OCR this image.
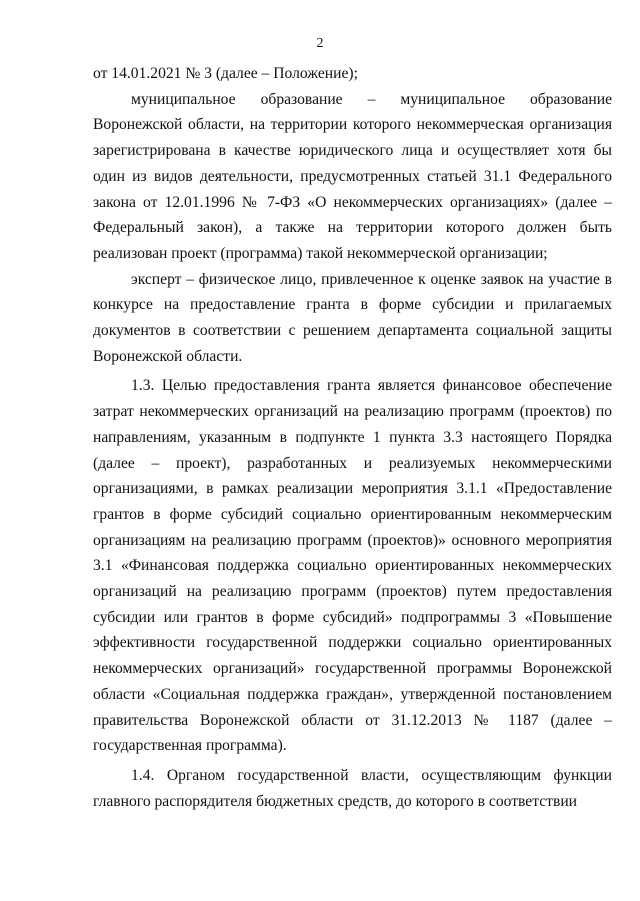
2

от 14.01.2021 № 3 (далее – Положение);

муниципальное образование – муниципальное образование Воронежской области, на территории которого некоммерческая организация зарегистрирована в качестве юридического лица и осуществляет хотя бы один из видов деятельности, предусмотренных статьей 31.1 Федерального закона от 12.01.1996 № 7-ФЗ «О некоммерческих организациях» (далее – Федеральный закон), а также на территории которого должен быть реализован проект (программа) такой некоммерческой организации;

эксперт – физическое лицо, привлеченное к оценке заявок на участие в конкурсе на предоставление гранта в форме субсидии и прилагаемых документов в соответствии с решением департамента социальной защиты Воронежской области.

1.3. Целью предоставления гранта является финансовое обеспечение затрат некоммерческих организаций на реализацию программ (проектов) по направлениям, указанным в подпункте 1 пункта 3.3 настоящего Порядка (далее – проект), разработанных и реализуемых некоммерческими организациями, в рамках реализации мероприятия 3.1.1 «Предоставление грантов в форме субсидий социально ориентированным некоммерческим организациям на реализацию программ (проектов)» основного мероприятия 3.1 «Финансовая поддержка социально ориентированных некоммерческих организаций на реализацию программ (проектов) путем предоставления субсидии или грантов в форме субсидий» подпрограммы 3 «Повышение эффективности государственной поддержки социально ориентированных некоммерческих организаций» государственной программы Воронежской области «Социальная поддержка граждан», утвержденной постановлением правительства Воронежской области от 31.12.2013 № 1187 (далее – государственная программа).

1.4. Органом государственной власти, осуществляющим функции главного распорядителя бюджетных средств, до которого в соответствии
